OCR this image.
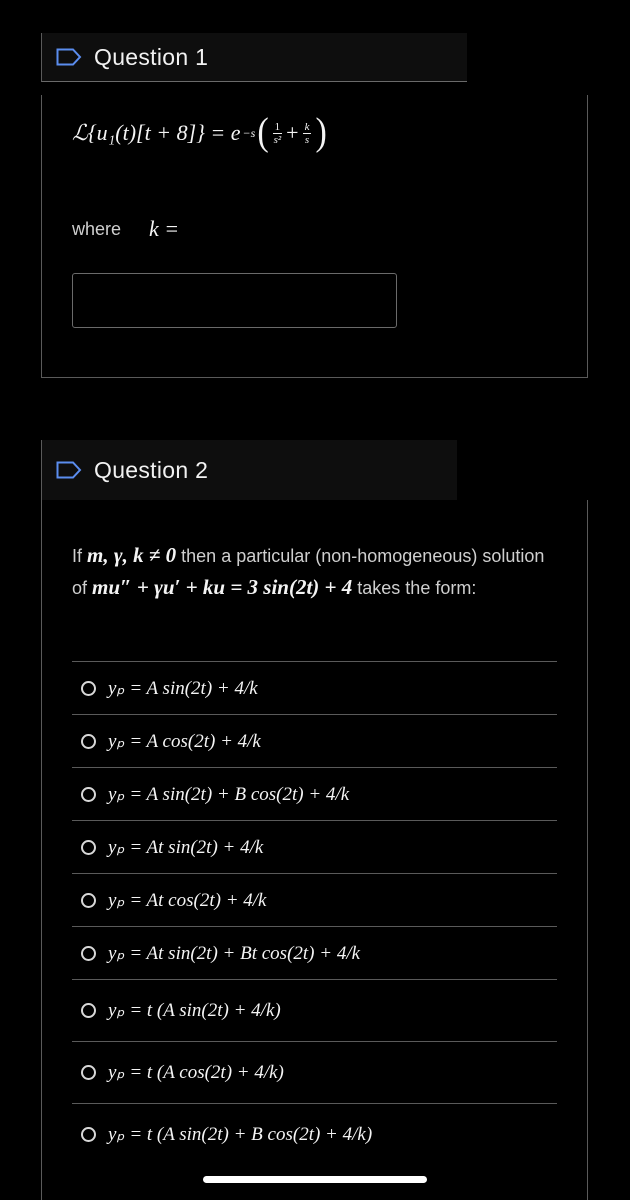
Question 1
ℒ{u₁(t)[t + 8]} = e −s ( $\frac{1}{\text{s²}} + \frac{k}{s}$ )
where k =
Question 2
If m, γ, k ≠ 0 then a particular (non-homogeneous) solution of mu″ + γu′ + ku = 3 sin(2t) + 4 takes the form:
yₚ = A sin(2t) + 4/k
yₚ = A cos(2t) + 4/k
yₚ = A sin(2t) + B cos(2t) + 4/k
yₚ = At sin(2t) + 4/k
yₚ = At cos(2t) + 4/k
yₚ = At sin(2t) + Bt cos(2t) + 4/k
yₚ = t (A sin(2t) + 4/k)
yₚ = t (A cos(2t) + 4/k)
yₚ = t (A sin(2t) + B cos(2t) + 4/k)
